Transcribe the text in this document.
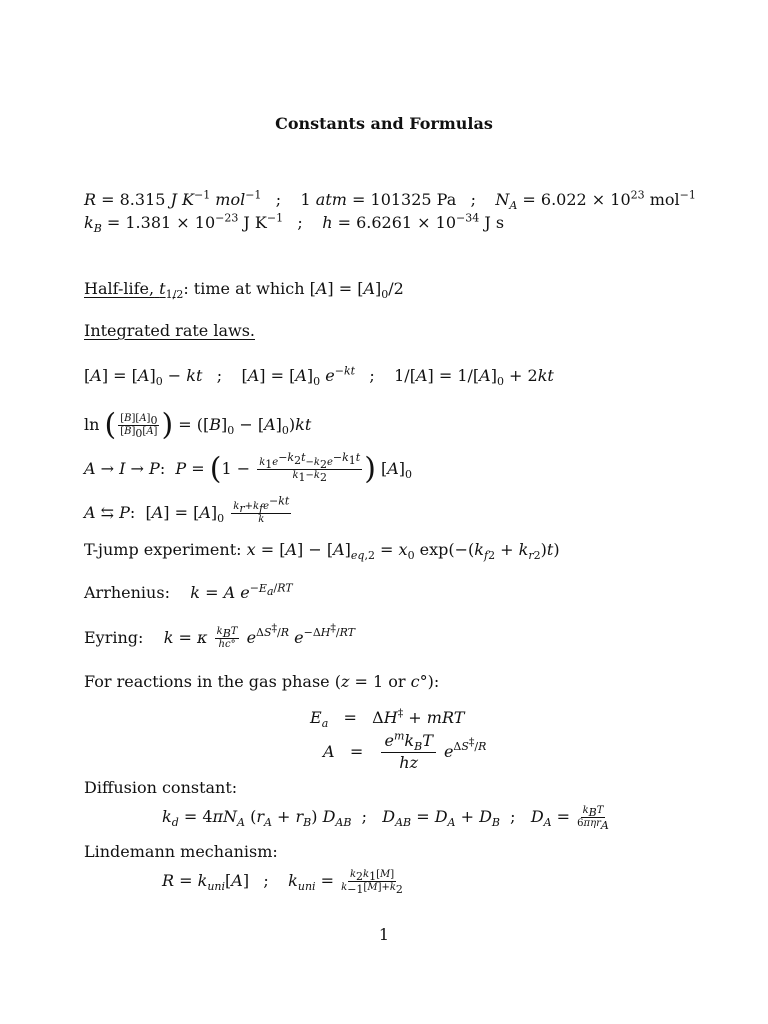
Constants and Formulas
R = 8.315 J $K^{-1}$ mol$^{-1}$ ; 1 atm = 101325 Pa ; $N_A = 6.022 \times 10^{23}$ mol$^{-1}$
$k_B = 1.381 \times 10^{-23}$ J $K^{-1}$ ; $h = 6.6261 \times 10^{-34}$ J s
Half-life, $t_{1/2}$: time at which $[A] = [A]_0/2$
Integrated rate laws.
$[A] = [A]_0$ − kt ; $[A] = [A]_0$ $e^{-kt}$ ; $1/[A] = 1/[A]_0 + 2kt$
ln ( $\frac{[B][A]_0}{[B]_0[A]}$ ) = $([B]_0 - [A]_0)kt$
A → I → P:  $P = (1 - \frac{k_1e^{-k_2t}-k_2e^{-k_1t}}{k_1-k_2}$ ) $[A]_0$
A ⇆ P:  $[A] = [A]_0$
$k_r+k_fe^{-kt}$
k
T-jump experiment: $x = [A] - [A]_{eq,2} = x_0$ $\exp(-(k_{f2} + k_{r2})t)$
Arrhenius: k = A $e^{-E_a/RT}$
Eyring: k = κ $k_BT$
hc° $e^{\Delta S^\ddagger/R}$ $e^{-\Delta H^\ddagger/RT}$
For reactions in the gas phase (z = 1 or c°):
$E_a = \Delta H^\ddagger$ + mRT
A   =
$e^mk_BT$
hz
$e^{\Delta S^\ddagger/R}$
Diffusion constant:
$k_d = 4\pi N_A$ $(r_A + r_B)$ $D_{AB}$  ;   $D_{AB} = D_A + D_B$  ;   $D_A = k_BT$
6πηr$_A$
Lindemann mechanism:
$R = k_{uni}[A]$ ; $k_{uni} = \frac{k_2k_1[M]}{k_{-1}[M]+k_2}$
1
